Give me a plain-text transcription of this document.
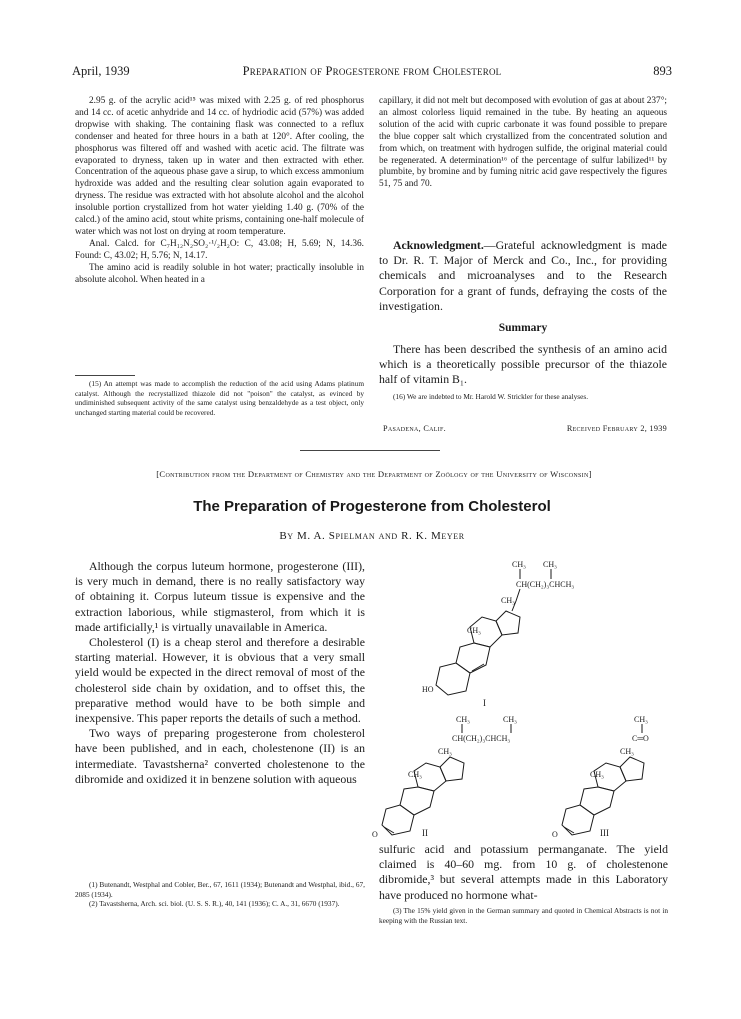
April, 1939	Preparation of Progesterone from Cholesterol	893

2.95 g. of the acrylic acid¹⁵ was mixed with 2.25 g. of red phosphorus and 14 cc. of acetic anhydride and 14 cc. of hydriodic acid (57%) was added dropwise with shaking. The containing flask was connected to a reflux condenser and heated for three hours in a bath at 120°. After cooling, the phosphorus was filtered off and washed with acetic acid. The filtrate was evaporated to dryness, taken up in water and then extracted with ether. Concentration of the aqueous phase gave a sirup, to which excess ammonium hydroxide was added and the resulting clear solution again evaporated to dryness. The residue was extracted with hot absolute alcohol and the alcohol insoluble portion crystallized from hot water yielding 1.40 g. (70% of the calcd.) of the amino acid, stout white prisms, containing one-half molecule of water which was not lost on drying at room temperature.

Anal. Calcd. for C₇H₁₂N₂SO₂·¹/₂H₂O: C, 43.08; H, 5.69; N, 14.36. Found: C, 43.02; H, 5.76; N, 14.17.

The amino acid is readily soluble in hot water; practically insoluble in absolute alcohol. When heated in a

(15) An attempt was made to accomplish the reduction of the acid using Adams platinum catalyst. Although the recrystallized thiazole did not "poison" the catalyst, as evinced by undiminished subsequent activity of the same catalyst using benzaldehyde as a test object, only unchanged starting material could be recovered.

capillary, it did not melt but decomposed with evolution of gas at about 237°; an almost colorless liquid remained in the tube. By heating an aqueous solution of the acid with cupric carbonate it was found possible to prepare the blue copper salt which crystallized from the concentrated solution and from which, on treatment with hydrogen sulfide, the original material could be regenerated. A determination¹⁶ of the percentage of sulfur labilized¹¹ by plumbite, by bromine and by fuming nitric acid gave respectively the figures 51, 75 and 70.

Acknowledgment.—Grateful acknowledgment is made to Dr. R. T. Major of Merck and Co., Inc., for providing chemicals and microanalyses and to the Research Corporation for a grant of funds, defraying the costs of the investigation.

Summary

There has been described the synthesis of an amino acid which is a theoretically possible precursor of the thiazole half of vitamin B₁.

(16) We are indebted to Mr. Harold W. Strickler for these analyses.

Pasadena, Calif.	Received February 2, 1939
[Contribution from the Department of Chemistry and the Department of Zoölogy of the University of Wisconsin]
The Preparation of Progesterone from Cholesterol
By M. A. Spielman and R. K. Meyer

Although the corpus luteum hormone, progesterone (III), is very much in demand, there is no really satisfactory way of obtaining it. Corpus luteum tissue is expensive and the extraction laborious, while stigmasterol, from which it is made artificially,¹ is virtually unavailable in America.

Cholesterol (I) is a cheap sterol and therefore a desirable starting material. However, it is obvious that a very small yield would be expected in the direct removal of most of the cholesterol side chain by oxidation, and to offset this, the preparative method would have to be both simple and inexpensive. This paper reports the details of such a method.

Two ways of preparing progesterone from cholesterol have been published, and in each, cholestenone (II) is an intermediate. Tavastsherna² converted cholestenone to the dibromide and oxidized it in benzene solution with aqueous

(1) Butenandt, Westphal and Cobler, Ber., 67, 1611 (1934); Butenandt and Westphal, ibid., 67, 2085 (1934).

(2) Tavastsherna, Arch. sci. biol. (U. S. S. R.), 40, 141 (1936); C. A., 31, 6670 (1937).

CH₃ CH₃
CH(CH₂)₃CHCH₃
CH₃
CH₃
HO
I
CH₃	CH₃
CH(CH₂)₃CHCH₃
CH₃
CH₃
O	II
CH₃
C═O
CH₃
CH₃
O	III

sulfuric acid and potassium permanganate. The yield claimed is 40–60 mg. from 10 g. of cholestenone dibromide,³ but several attempts made in this Laboratory have produced no hormone what-

(3) The 15% yield given in the German summary and quoted in Chemical Abstracts is not in keeping with the Russian text.
